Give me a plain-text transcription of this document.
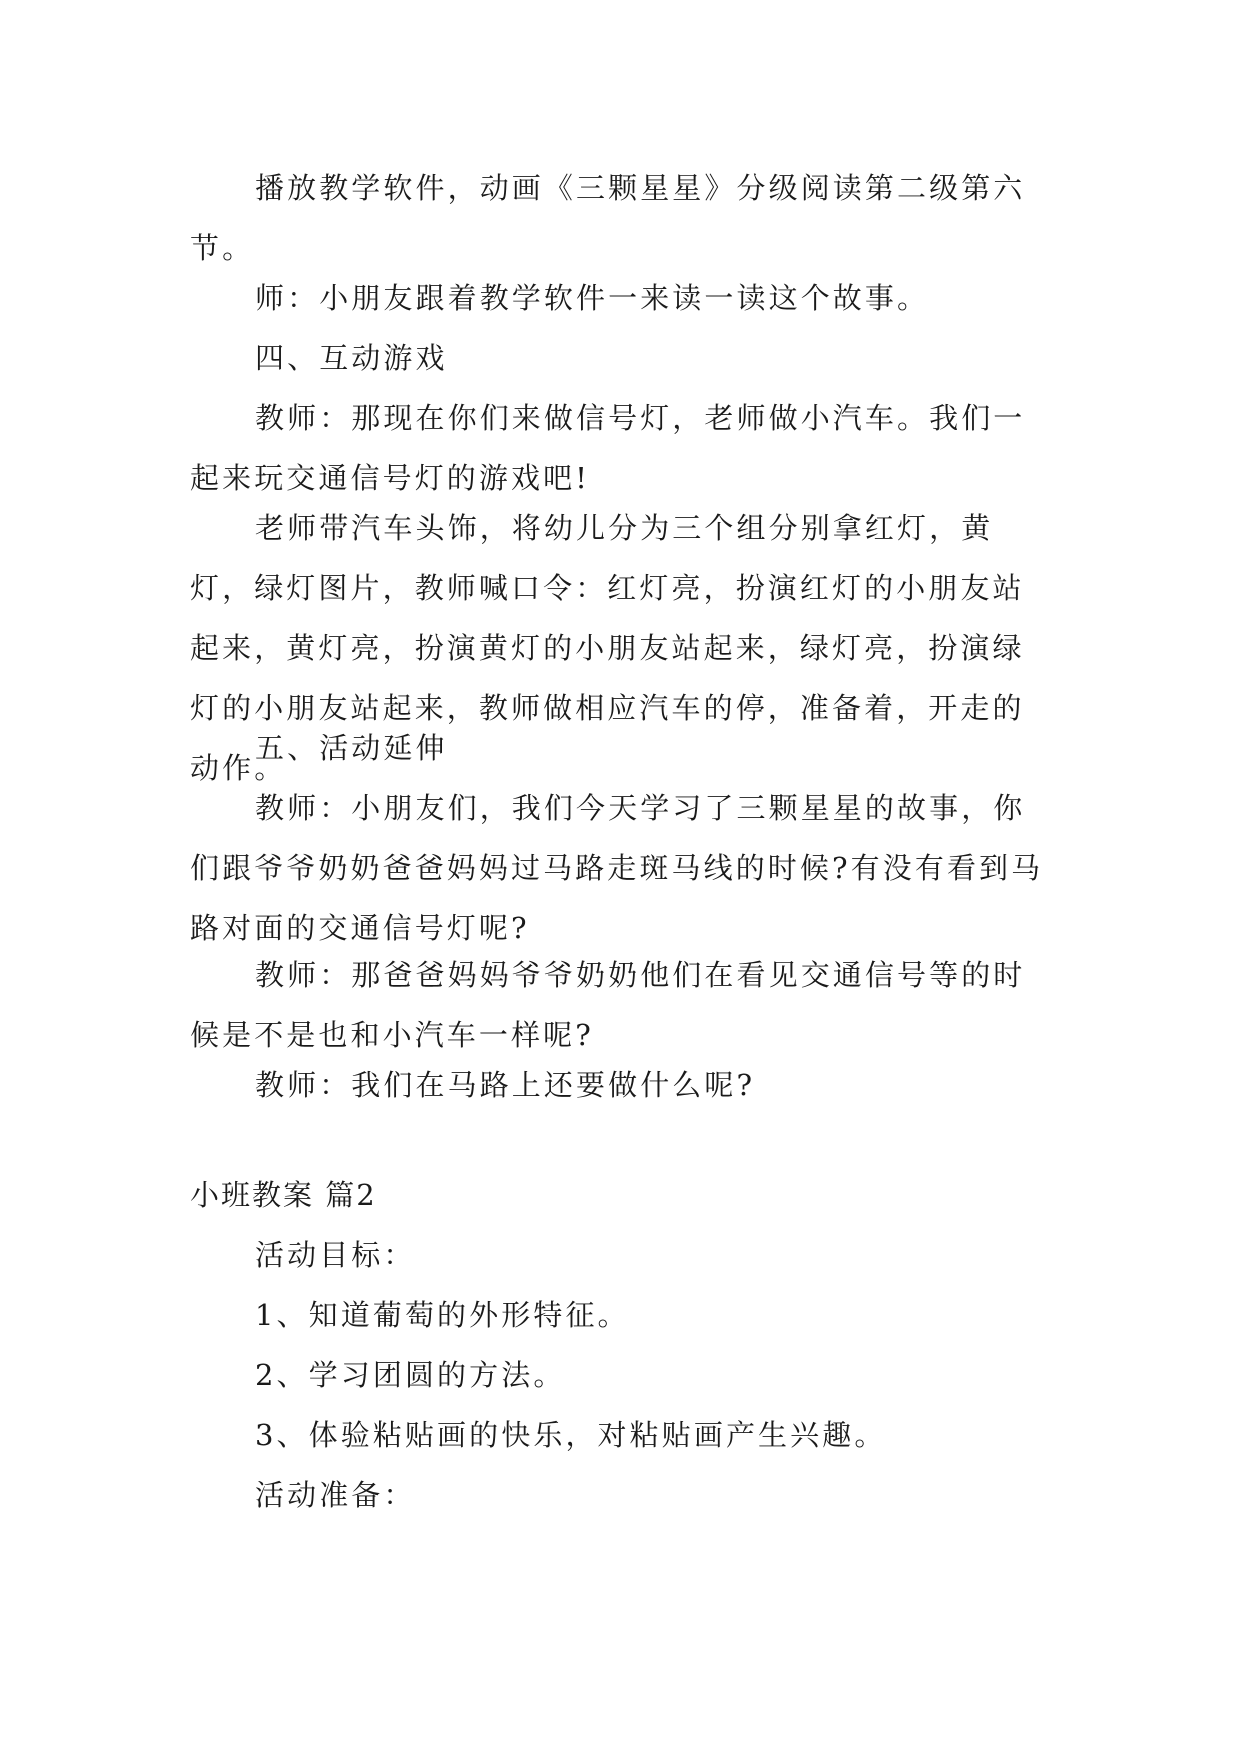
播放教学软件，动画《三颗星星》分级阅读第二级第六节。

师：小朋友跟着教学软件一来读一读这个故事。

四、互动游戏

教师：那现在你们来做信号灯，老师做小汽车。我们一起来玩交通信号灯的游戏吧!

老师带汽车头饰，将幼儿分为三个组分别拿红灯，黄灯，绿灯图片，教师喊口令：红灯亮，扮演红灯的小朋友站起来，黄灯亮，扮演黄灯的小朋友站起来，绿灯亮，扮演绿灯的小朋友站起来，教师做相应汽车的停，准备着，开走的动作。

五、活动延伸

教师：小朋友们，我们今天学习了三颗星星的故事，你们跟爷爷奶奶爸爸妈妈过马路走斑马线的时候?有没有看到马路对面的交通信号灯呢?

教师：那爸爸妈妈爷爷奶奶他们在看见交通信号等的时候是不是也和小汽车一样呢?

教师：我们在马路上还要做什么呢?

小班教案 篇2

活动目标：

1、知道葡萄的外形特征。

2、学习团圆的方法。

3、体验粘贴画的快乐，对粘贴画产生兴趣。

活动准备：
